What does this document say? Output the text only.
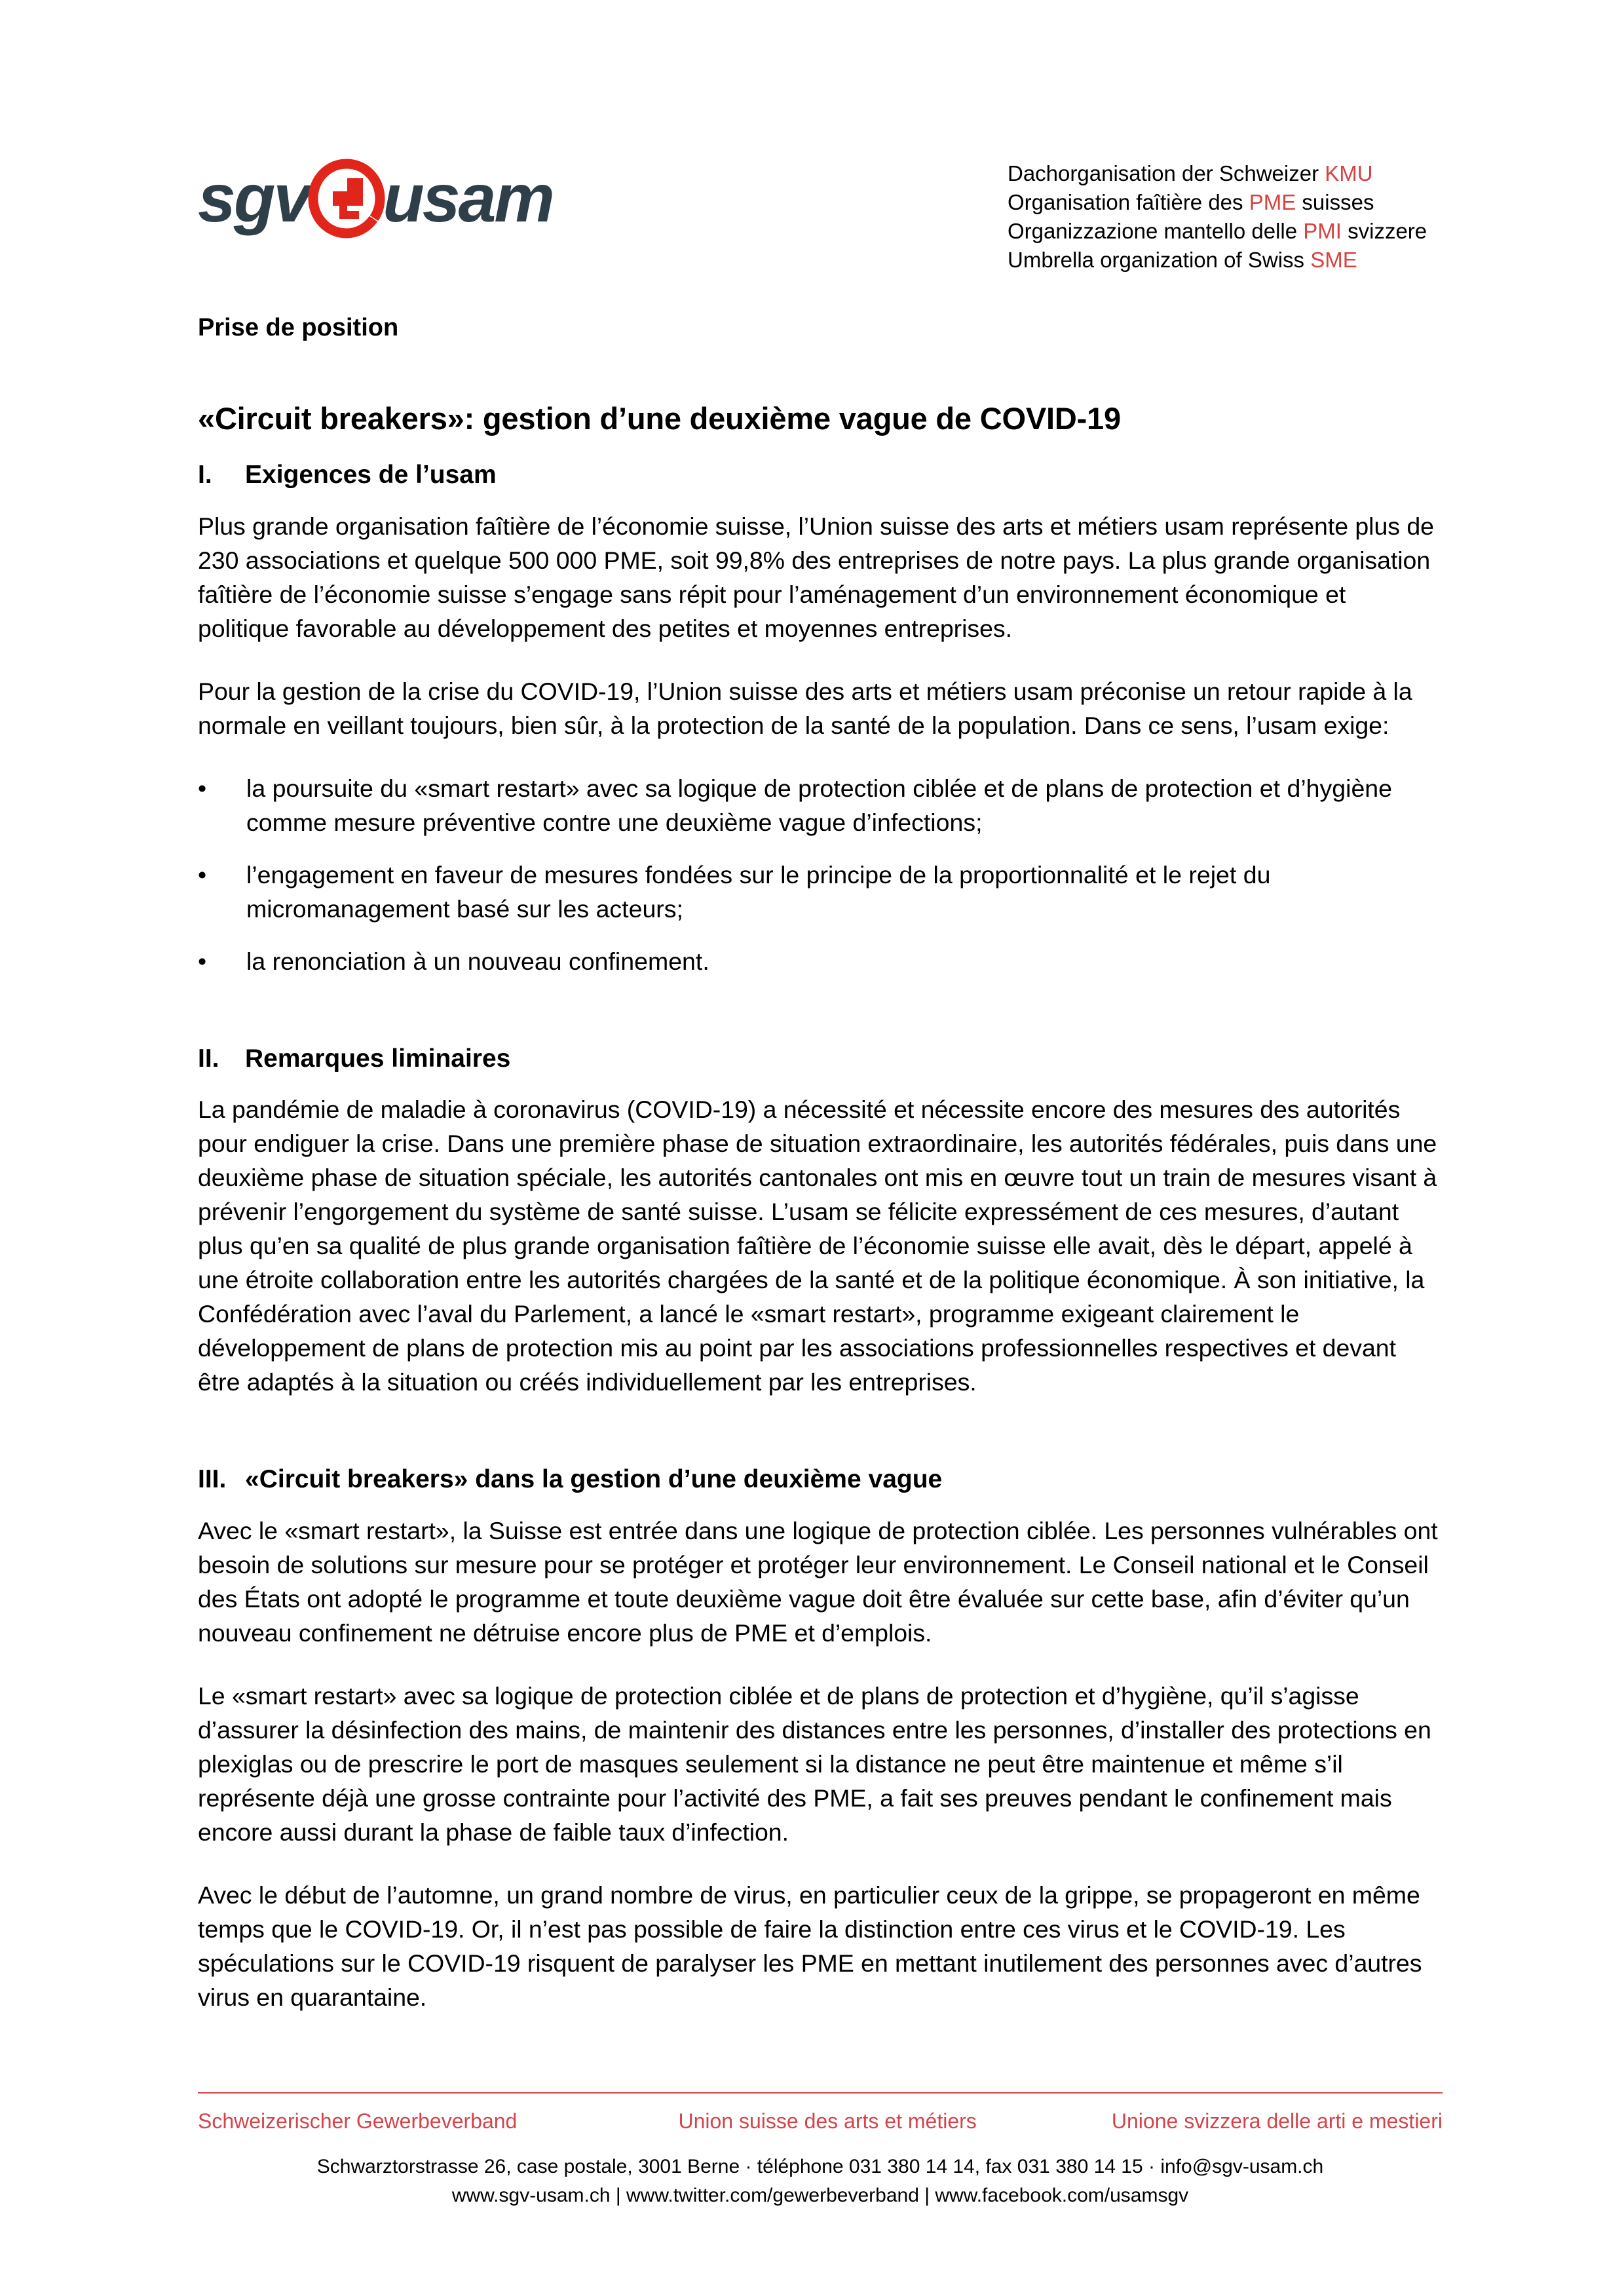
sgv usam	Dachorganisation der Schweizer KMU
Organisation faîtière des PME suisses
Organizzazione mantello delle PMI svizzere
Umbrella organization of Swiss SME
Prise de position
«Circuit breakers»: gestion d’une deuxième vague de COVID-19
I.	Exigences de l’usam

Plus grande organisation faîtière de l’économie suisse, l’Union suisse des arts et métiers usam représente plus de 230 associations et quelque 500 000 PME, soit 99,8% des entreprises de notre pays. La plus grande organisation faîtière de l’économie suisse s’engage sans répit pour l’aménagement d’un environnement économique et politique favorable au développement des petites et moyennes entreprises.

Pour la gestion de la crise du COVID-19, l’Union suisse des arts et métiers usam préconise un retour rapide à la normale en veillant toujours, bien sûr, à la protection de la santé de la population. Dans ce sens, l’usam exige:

• la poursuite du «smart restart» avec sa logique de protection ciblée et de plans de protection et d’hygiène comme mesure préventive contre une deuxième vague d’infections;
• l’engagement en faveur de mesures fondées sur le principe de la proportionnalité et le rejet du micromanagement basé sur les acteurs;
• la renonciation à un nouveau confinement.
II.	Remarques liminaires

La pandémie de maladie à coronavirus (COVID-19) a nécessité et nécessite encore des mesures des autorités pour endiguer la crise. Dans une première phase de situation extraordinaire, les autorités fédérales, puis dans une deuxième phase de situation spéciale, les autorités cantonales ont mis en œuvre tout un train de mesures visant à prévenir l’engorgement du système de santé suisse. L’usam se félicite expressément de ces mesures, d’autant plus qu’en sa qualité de plus grande organisation faîtière de l’économie suisse elle avait, dès le départ, appelé à une étroite collaboration entre les autorités chargées de la santé et de la politique économique. À son initiative, la Confédération avec l’aval du Parlement, a lancé le «smart restart», programme exigeant clairement le développement de plans de protection mis au point par les associations professionnelles respectives et devant être adaptés à la situation ou créés individuellement par les entreprises.

III. «Circuit breakers» dans la gestion d’une deuxième vague

Avec le «smart restart», la Suisse est entrée dans une logique de protection ciblée. Les personnes vulnérables ont besoin de solutions sur mesure pour se protéger et protéger leur environnement. Le Conseil national et le Conseil des États ont adopté le programme et toute deuxième vague doit être évaluée sur cette base, afin d’éviter qu’un nouveau confinement ne détruise encore plus de PME et d’emplois.

Le «smart restart» avec sa logique de protection ciblée et de plans de protection et d’hygiène, qu’il s’agisse d’assurer la désinfection des mains, de maintenir des distances entre les personnes, d’installer des protections en plexiglas ou de prescrire le port de masques seulement si la distance ne peut être maintenue et même s’il représente déjà une grosse contrainte pour l’activité des PME, a fait ses preuves pendant le confinement mais encore aussi durant la phase de faible taux d’infection.

Avec le début de l’automne, un grand nombre de virus, en particulier ceux de la grippe, se propageront en même temps que le COVID-19. Or, il n’est pas possible de faire la distinction entre ces virus et le COVID-19. Les spéculations sur le COVID-19 risquent de paralyser les PME en mettant inutilement des personnes avec d’autres virus en quarantaine.

Schweizerischer Gewerbeverband	Union suisse des arts et métiers	Unione svizzera delle arti e mestieri
Schwarztorstrasse 26, case postale, 3001 Berne · téléphone 031 380 14 14, fax 031 380 14 15 · info@sgv-usam.ch
www.sgv-usam.ch | www.twitter.com/gewerbeverband | www.facebook.com/usamsgv
